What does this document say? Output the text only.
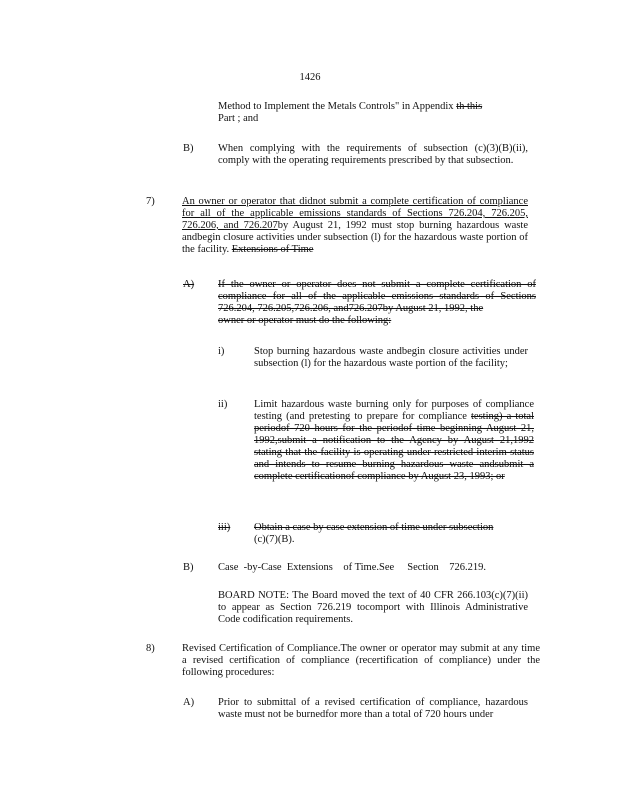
1426
Method to Implement the Metals Controls" in Appendix th this
Part ; and
B) When complying with the requirements of subsection (c)(3)(B)(ii), comply with the operating requirements prescribed by that subsection.
7)	An owner or operator that didnot submit a complete certification of compliance for all of the applicable emissions standards of Sections 726.204, 726.205, 726.206, and 726.207by August 21, 1992 must stop burning hazardous waste andbegin closure activities under subsection (l) for the hazardous waste portion of the facility. Extensions of Time
A) If the owner or operator does not submit a complete certification of compliance for all of the applicable emissions standards of Sections 726.204, 726.205,726.206, and726.207by August 21, 1992, the
owner or operator must do the following:
i)	Stop burning hazardous waste andbegin closure activities under subsection (l) for the hazardous waste portion of the facility;
ii)	Limit hazardous waste burning only for purposes of compliance testing (and pretesting to prepare for compliance testing) a total periodof 720 hours for the periodof time beginning August 21, 1992,submit a notification to the Agency by August 21,1992 stating that the facility is operating under restricted interim status and intends to resume burning hazardous waste andsubmit a complete certificationof compliance by August 23, 1993; or
iii) Obtain a case by case extension of time under subsection
(c)(7)(B).
B) Case  -by-Case  Extensions    of Time.See     Section    726.219.
BOARD NOTE: The Board moved the text of 40 CFR 266.103(c)(7)(ii) to appear as Section 726.219 tocomport with Illinois Administrative Code codification requirements.
8)	Revised Certification of Compliance.The owner or operator may submit at any time a revised certification of compliance (recertification of compliance) under the following procedures:
A) Prior to submittal of a revised certification of compliance, hazardous waste must not be burnedfor more than a total of 720 hours under
